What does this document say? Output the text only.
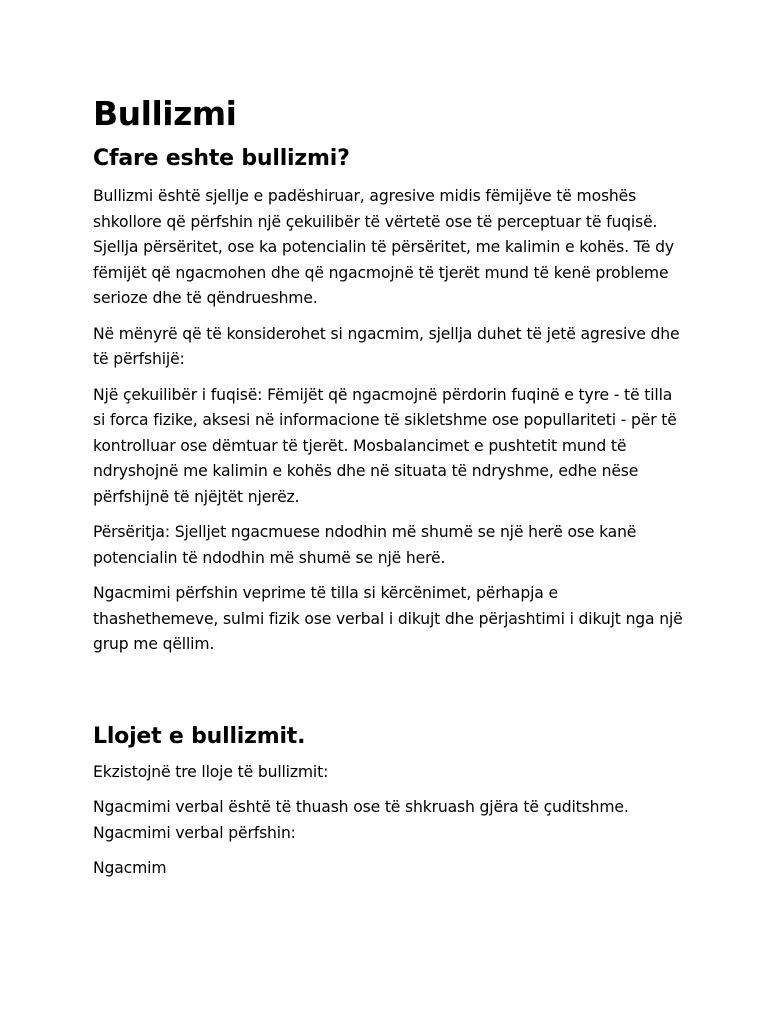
Bullizmi
Cfare eshte bullizmi?

Bullizmi është sjellje e padëshiruar, agresive midis fëmijëve të moshës shkollore që përfshin një çekuilibër të vërtetë ose të perceptuar të fuqisë. Sjellja përsëritet, ose ka potencialin të përsëritet, me kalimin e kohës. Të dy fëmijët që ngacmohen dhe që ngacmojnë të tjerët mund të kenë probleme serioze dhe të qëndrueshme.

Në mënyrë që të konsiderohet si ngacmim, sjellja duhet të jetë agresive dhe të përfshijë:

Një çekuilibër i fuqisë: Fëmijët që ngacmojnë përdorin fuqinë e tyre - të tilla si forca fizike, aksesi në informacione të sikletshme ose popullariteti - për të kontrolluar ose dëmtuar të tjerët. Mosbalancimet e pushtetit mund të ndryshojnë me kalimin e kohës dhe në situata të ndryshme, edhe nëse përfshijnë të njëjtët njerëz.

Përsëritja: Sjelljet ngacmuese ndodhin më shumë se një herë ose kanë potencialin të ndodhin më shumë se një herë.

Ngacmimi përfshin veprime të tilla si kërcënimet, përhapja e thashethemeve, sulmi fizik ose verbal i dikujt dhe përjashtimi i dikujt nga një grup me qëllim.

Llojet e bullizmit.

Ekzistojnë tre lloje të bullizmit:

Ngacmimi verbal është të thuash ose të shkruash gjëra të çuditshme. Ngacmimi verbal përfshin:

Ngacmim
